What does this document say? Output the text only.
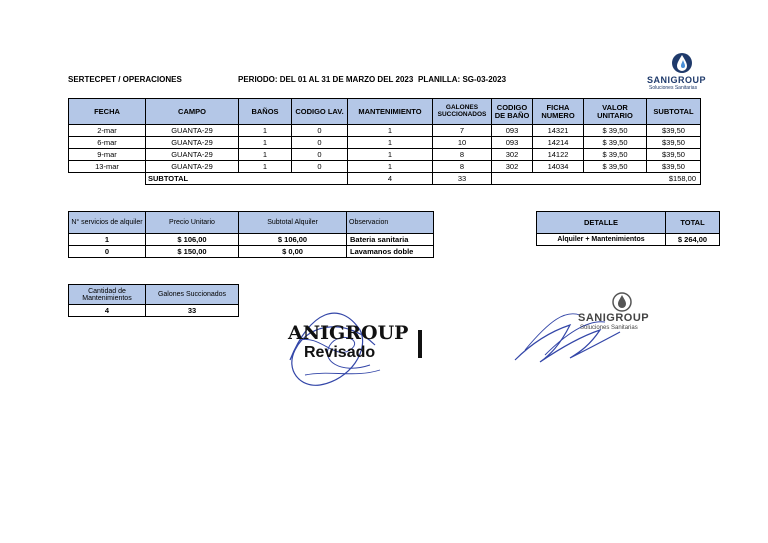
SERTECPET / OPERACIONES	PERIODO: DEL 01 AL 31 DE MARZO DEL 2023 PLANILLA: SG-03-2023	SANIGROUP
Soluciones Sanitarias
FECHA	CAMPO	BAÑOS	CODIGO LAV.	MANTENIMIENTO	GALONES SUCCIONADOS	CODIGO DE BAÑO	FICHA NUMERO	VALOR UNITARIO	SUBTOTAL
2-mar	GUANTA-29	1	0	1	7	093	14321	$ 39,50	$39,50
6-mar	GUANTA-29	1	0	1	10	093	14214	$ 39,50	$39,50
9-mar	GUANTA-29	1	0	1	8	302	14122	$ 39,50	$39,50
13-mar	GUANTA-29	1	0	1	8	302	14034	$ 39,50	$39,50
	SUBTOTAL			4	33	$158,00			
N° servicios de alquiler	Precio Unitario	Subtotal Alquiler	Observacion
1	$ 106,00	$ 106,00	Bateria sanitaria
0	$ 150,00	$ 0,00	Lavamanos doble
DETALLE	TOTAL
Alquiler + Mantenimientos	$ 264,00
Cantidad de Mantenimientos	Galones Succionados
4	33
ANIGROUP
Revisado
SANIGROUP
Soluciones Sanitarias
